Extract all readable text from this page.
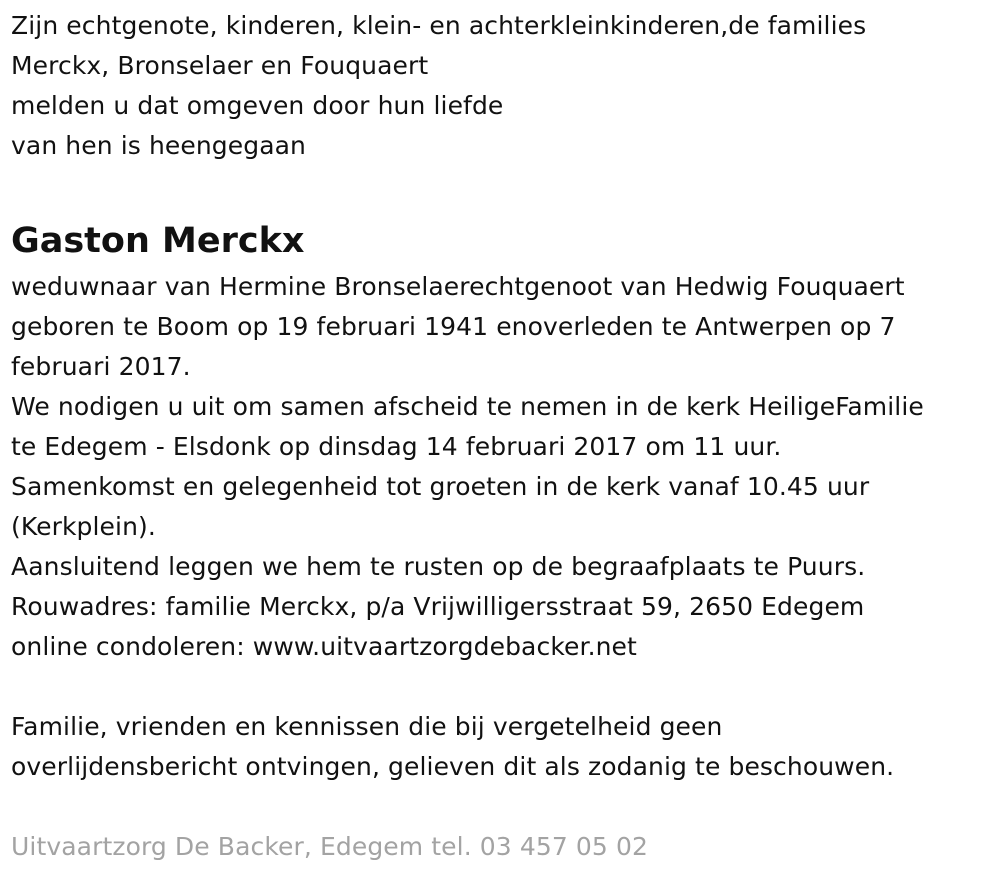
Zijn echtgenote, kinderen, klein- en achterkleinkinderen,de families
Merckx, Bronselaer en Fouquaert
melden u dat omgeven door hun liefde
van hen is heengegaan
Gaston Merckx
weduwnaar van Hermine Bronselaerechtgenoot van Hedwig Fouquaert
geboren te Boom op 19 februari 1941 enoverleden te Antwerpen op 7
februari 2017.
We nodigen u uit om samen afscheid te nemen in de kerk HeiligeFamilie
te Edegem - Elsdonk op dinsdag 14 februari 2017 om 11 uur.
Samenkomst en gelegenheid tot groeten in de kerk vanaf 10.45 uur
(Kerkplein).
Aansluitend leggen we hem te rusten op de begraafplaats te Puurs.
Rouwadres: familie Merckx, p/a Vrijwilligersstraat 59, 2650 Edegem
online condoleren: www.uitvaartzorgdebacker.net
Familie, vrienden en kennissen die bij vergetelheid geen
overlijdensbericht ontvingen, gelieven dit als zodanig te beschouwen.
Uitvaartzorg De Backer, Edegem tel. 03 457 05 02
